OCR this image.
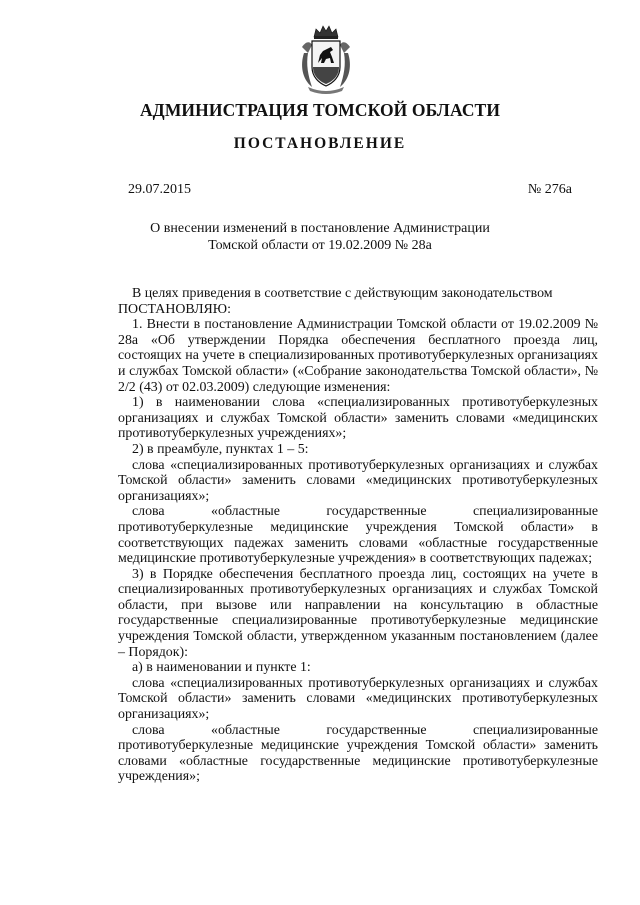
АДМИНИСТРАЦИЯ ТОМСКОЙ ОБЛАСТИ
ПОСТАНОВЛЕНИЕ
29.07.2015	№ 276а
О внесении изменений в постановление Администрации
Томской области от 19.02.2009 № 28а

В целях приведения в соответствие с действующим законодательством

ПОСТАНОВЛЯЮ:

1. Внести в постановление Администрации Томской области от 19.02.2009 № 28а «Об утверждении Порядка обеспечения бесплатного проезда лиц, состоящих на учете в специализированных противотуберкулезных организациях и службах Томской области» («Собрание законодательства Томской области», № 2/2 (43) от 02.03.2009) следующие изменения:

1) в наименовании слова «специализированных противотуберкулезных организациях и службах Томской области» заменить словами «медицинских противотуберкулезных учреждениях»;

2) в преамбуле, пунктах 1 – 5:

слова «специализированных противотуберкулезных организациях и службах Томской области» заменить словами «медицинских противотуберкулезных организациях»;

слова «областные государственные специализированные противотуберкулезные медицинские учреждения Томской области» в соответствующих падежах заменить словами «областные государственные медицинские противотуберкулезные учреждения» в соответствующих падежах;

3) в Порядке обеспечения бесплатного проезда лиц, состоящих на учете в специализированных противотуберкулезных организациях и службах Томской области, при вызове или направлении на консультацию в областные государственные специализированные противотуберкулезные медицинские учреждения Томской области, утвержденном указанным постановлением (далее – Порядок):

а) в наименовании и пункте 1:

слова «специализированных противотуберкулезных организациях и службах Томской области» заменить словами «медицинских противотуберкулезных организациях»;

слова «областные государственные специализированные противотуберкулезные медицинские учреждения Томской области» заменить словами «областные государственные медицинские противотуберкулезные учреждения»;
